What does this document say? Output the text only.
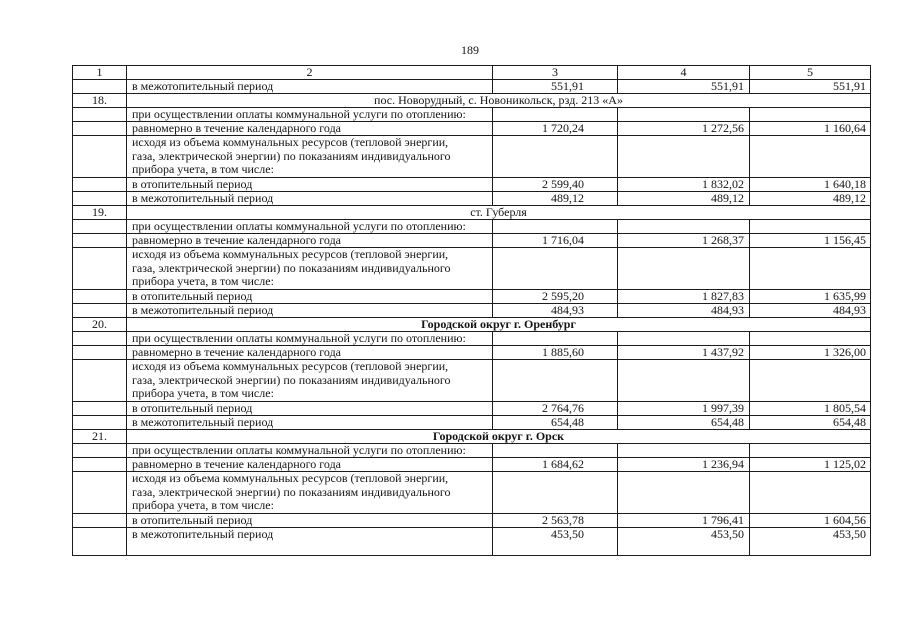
189
1	2	3	4	5
	в межотопительный период	551,91	551,91	551,91
18.	пос. Новорудный, с. Новоникольск, рзд. 213 «А»			
	при осуществлении оплаты коммунальной услуги по отоплению:			
	равномерно в течение календарного года	1 720,24	1 272,56	1 160,64

	исходя из объема коммунальных ресурсов (тепловой энергии,
газа, электрической энергии) по показаниям индивидуального
прибора учета, в том числе:			

	в отопительный период	2 599,40	1 832,02	1 640,18
	в межотопительный период	489,12	489,12	489,12
19.	ст. Губерля			
	при осуществлении оплаты коммунальной услуги по отоплению:			
	равномерно в течение календарного года	1 716,04	1 268,37	1 156,45

	исходя из объема коммунальных ресурсов (тепловой энергии,
газа, электрической энергии) по показаниям индивидуального
прибора учета, в том числе:			

	в отопительный период	2 595,20	1 827,83	1 635,99
	в межотопительный период	484,93	484,93	484,93
20.	Городской округ г. Оренбург			
	при осуществлении оплаты коммунальной услуги по отоплению:			
	равномерно в течение календарного года	1 885,60	1 437,92	1 326,00

	исходя из объема коммунальных ресурсов (тепловой энергии,
газа, электрической энергии) по показаниям индивидуального
прибора учета, в том числе:			

	в отопительный период	2 764,76	1 997,39	1 805,54
	в межотопительный период	654,48	654,48	654,48
21.	Городской округ г. Орск			
	при осуществлении оплаты коммунальной услуги по отоплению:			
	равномерно в течение календарного года	1 684,62	1 236,94	1 125,02

	исходя из объема коммунальных ресурсов (тепловой энергии,
газа, электрической энергии) по показаниям индивидуального
прибора учета, в том числе:			

	в отопительный период	2 563,78	1 796,41	1 604,56
	в межотопительный период	453,50	453,50	453,50
